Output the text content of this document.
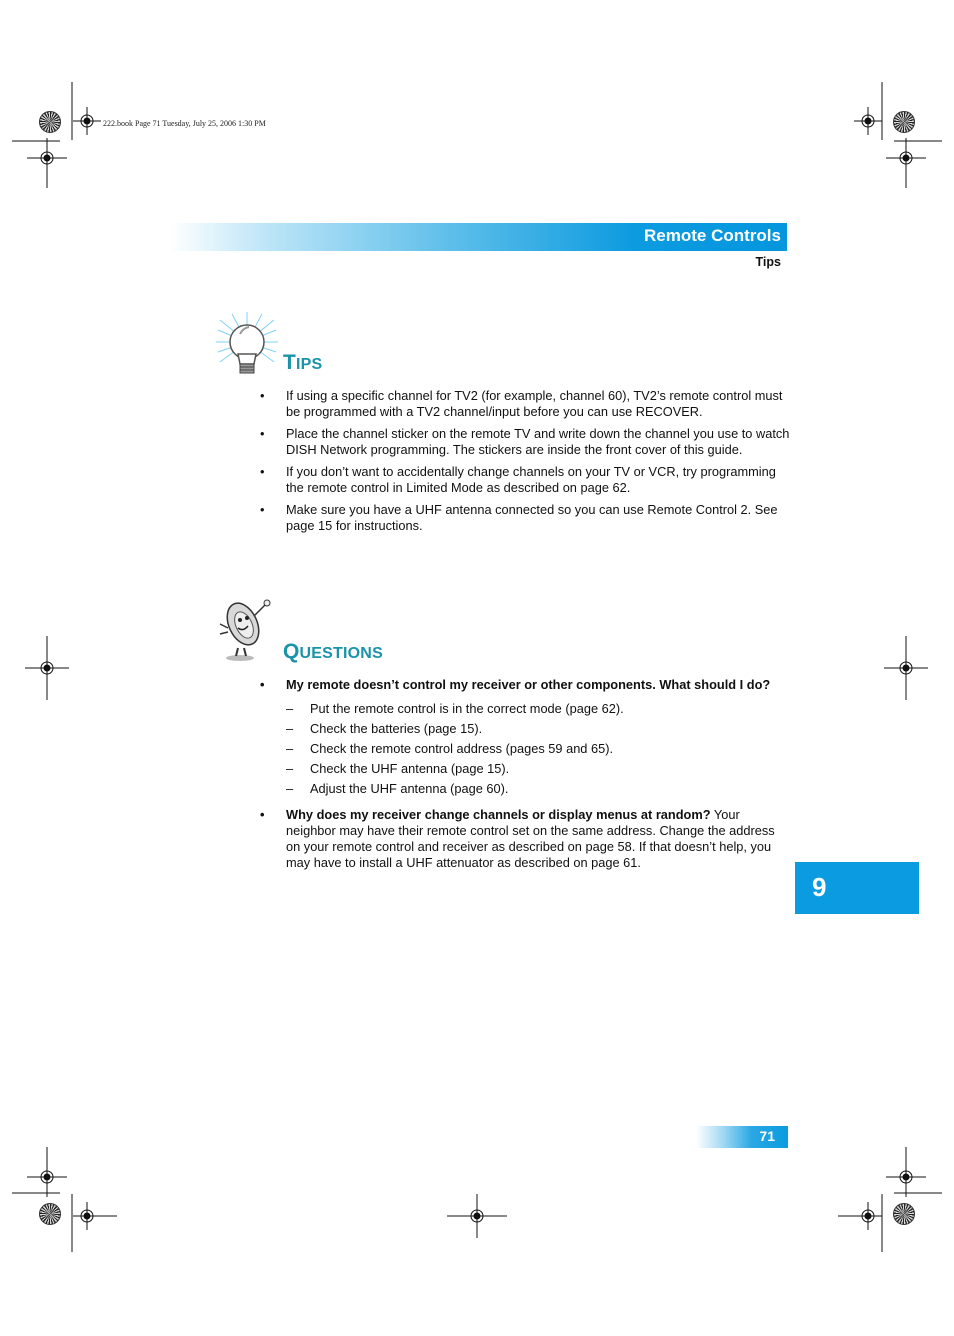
222.book Page 71 Tuesday, July 25, 2006 1:30 PM
Remote Controls
Tips
TIPS
• If using a specific channel for TV2 (for example, channel 60), TV2’s remote control must be programmed with a TV2 channel/input before you can use RECOVER.
• Place the channel sticker on the remote TV and write down the channel you use to watch DISH Network programming. The stickers are inside the front cover of this guide.
• If you don’t want to accidentally change channels on your TV or VCR, try programming the remote control in Limited Mode as described on page 62.
• Make sure you have a UHF antenna connected so you can use Remote Control 2. See page 15 for instructions.
QUESTIONS
• My remote doesn’t control my receiver or other components. What should I do?
– Put the remote control is in the correct mode (page 62).
– Check the batteries (page 15).
– Check the remote control address (pages 59 and 65).
– Check the UHF antenna (page 15).
– Adjust the UHF antenna (page 60).
• Why does my receiver change channels or display menus at random? Your neighbor may have their remote control set on the same address. Change the address on your remote control and receiver as described on page 58. If that doesn’t help, you may have to install a UHF attenuator as described on page 61.
9
71
